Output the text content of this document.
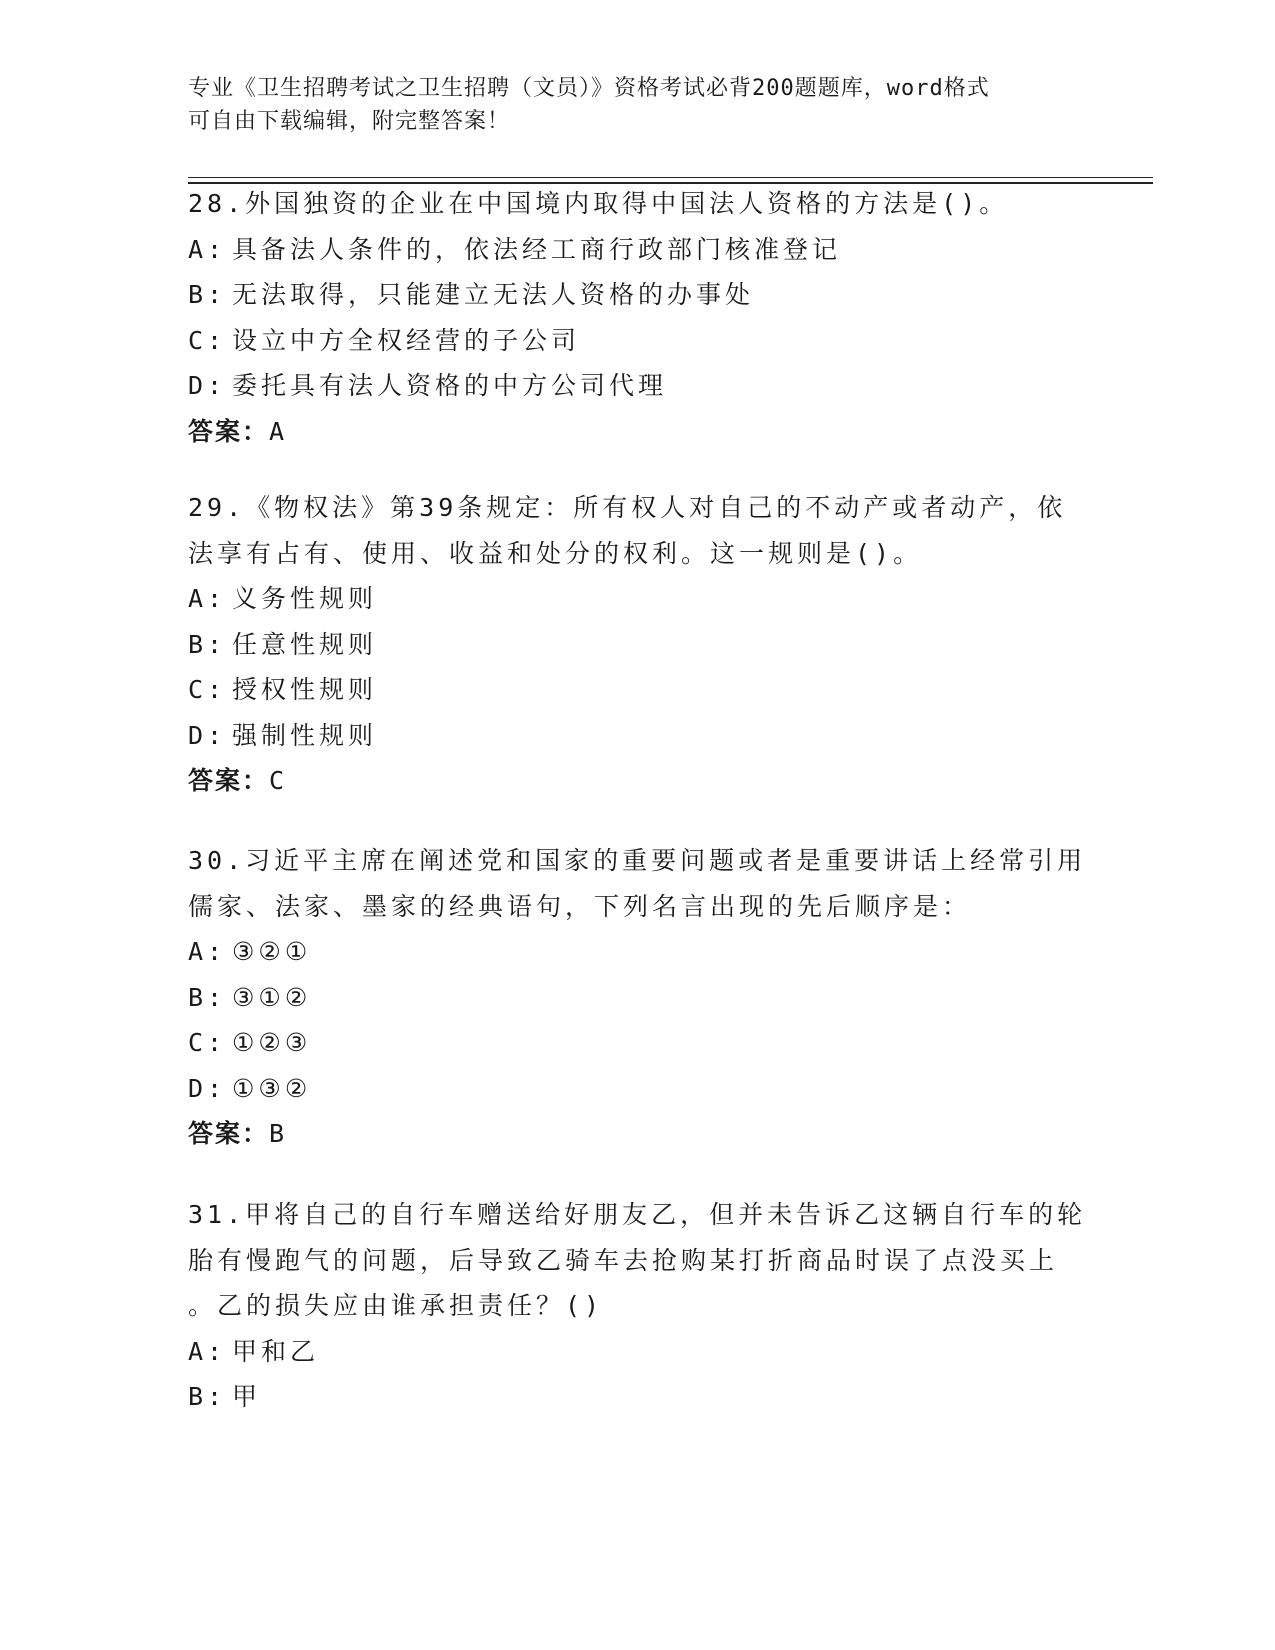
专业《卫生招聘考试之卫生招聘（文员）》资格考试必背200题题库，word格式
可自由下载编辑，附完整答案！
28.外国独资的企业在中国境内取得中国法人资格的方法是()。
A: 具备法人条件的，依法经工商行政部门核准登记
B: 无法取得，只能建立无法人资格的办事处
C: 设立中方全权经营的子公司
D: 委托具有法人资格的中方公司代理
答案：A
29.《物权法》第39条规定：所有权人对自己的不动产或者动产，依
法享有占有、使用、收益和处分的权利。这一规则是()。
A: 义务性规则
B: 任意性规则
C: 授权性规则
D: 强制性规则
答案：C
30.习近平主席在阐述党和国家的重要问题或者是重要讲话上经常引用
儒家、法家、墨家的经典语句，下列名言出现的先后顺序是：
A: ③②①
B: ③①②
C: ①②③
D: ①③②
答案：B
31.甲将自己的自行车赠送给好朋友乙，但并未告诉乙这辆自行车的轮
胎有慢跑气的问题，后导致乙骑车去抢购某打折商品时误了点没买上
。乙的损失应由谁承担责任？()
A: 甲和乙
B: 甲
